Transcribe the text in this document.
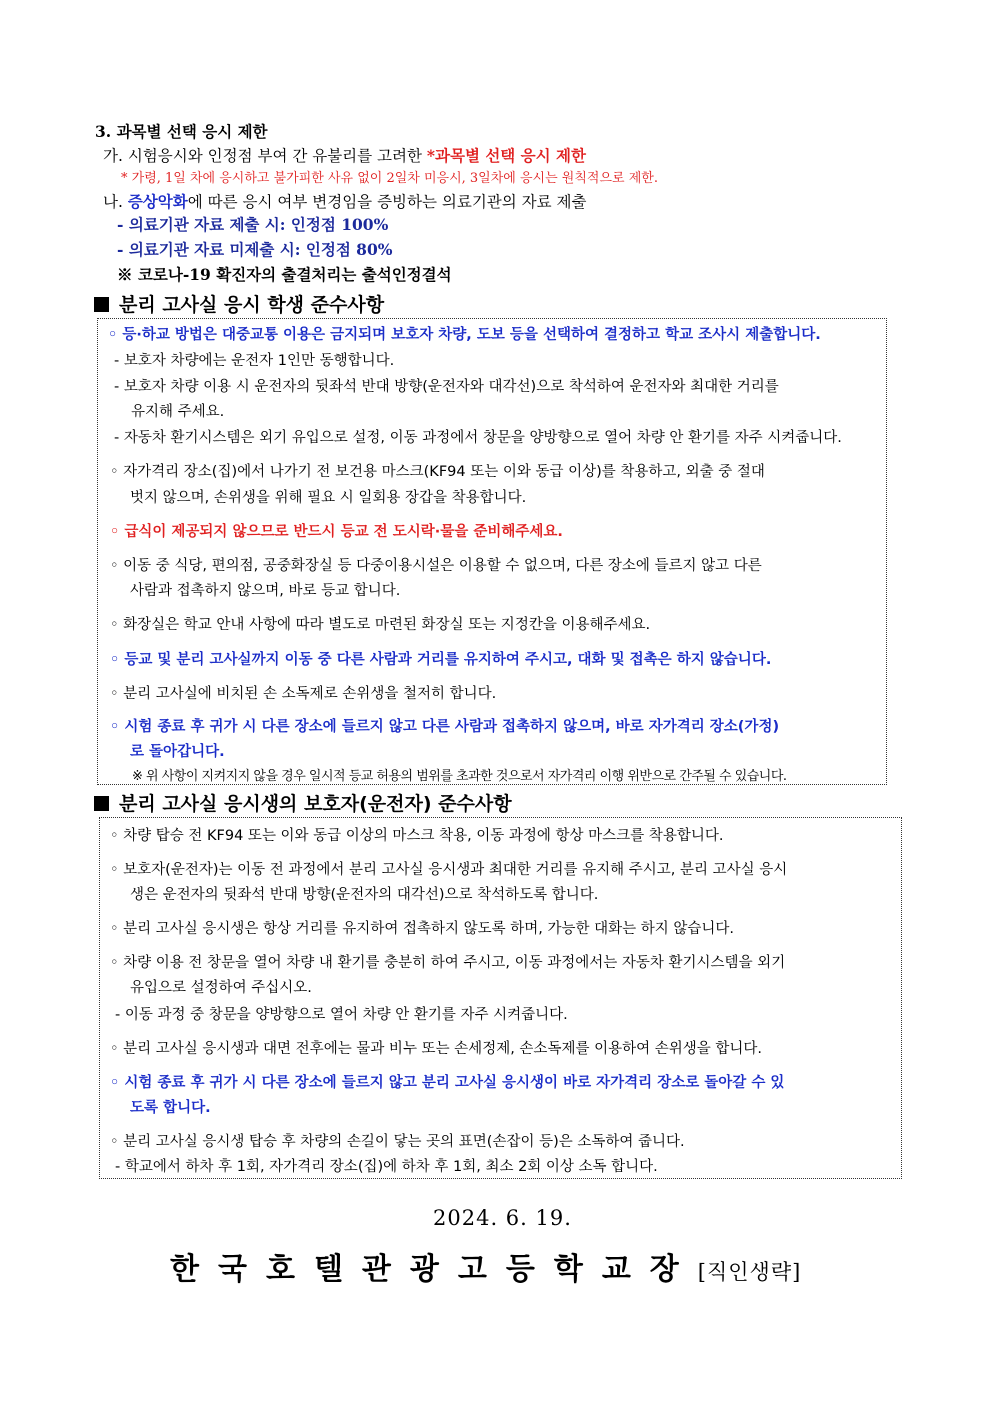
3. 과목별 선택 응시 제한
가. 시험응시와 인정점 부여 간 유불리를 고려한 *과목별 선택 응시 제한
* 가령, 1일 차에 응시하고 불가피한 사유 없이 2일차 미응시, 3일차에 응시는 원칙적으로 제한.
나. 증상악화에 따른 응시 여부 변경임을 증빙하는 의료기관의 자료 제출
- 의료기관 자료 제출 시: 인정점 100%
- 의료기관 자료 미제출 시: 인정점 80%
※ 코로나-19 확진자의 출결처리는 출석인정결석
분리 고사실 응시 학생 준수사항
◦ 등·하교 방법은 대중교통 이용은 금지되며 보호자 차량, 도보 등을 선택하여 결정하고 학교 조사시 제출합니다.
- 보호자 차량에는 운전자 1인만 동행합니다.
- 보호자 차량 이용 시 운전자의 뒷좌석 반대 방향(운전자와 대각선)으로 착석하여 운전자와 최대한 거리를
유지해 주세요.
- 자동차 환기시스템은 외기 유입으로 설정, 이동 과정에서 창문을 양방향으로 열어 차량 안 환기를 자주 시켜줍니다.
◦ 자가격리 장소(집)에서 나가기 전 보건용 마스크(KF94 또는 이와 동급 이상)를 착용하고, 외출 중 절대
벗지 않으며, 손위생을 위해 필요 시 일회용 장갑을 착용합니다.
◦ 급식이 제공되지 않으므로 반드시 등교 전 도시락·물을 준비해주세요.
◦ 이동 중 식당, 편의점, 공중화장실 등 다중이용시설은 이용할 수 없으며, 다른 장소에 들르지 않고 다른
사람과 접촉하지 않으며, 바로 등교 합니다.
◦ 화장실은 학교 안내 사항에 따라 별도로 마련된 화장실 또는 지정칸을 이용해주세요.
◦ 등교 및 분리 고사실까지 이동 중 다른 사람과 거리를 유지하여 주시고, 대화 및 접촉은 하지 않습니다.
◦ 분리 고사실에 비치된 손 소독제로 손위생을 철저히 합니다.
◦ 시험 종료 후 귀가 시 다른 장소에 들르지 않고 다른 사람과 접촉하지 않으며, 바로 자가격리 장소(가정)
로 돌아갑니다.
※ 위 사항이 지켜지지 않을 경우 일시적 등교 허용의 범위를 초과한 것으로서 자가격리 이행 위반으로 간주될 수 있습니다.
분리 고사실 응시생의 보호자(운전자) 준수사항
◦ 차량 탑승 전 KF94 또는 이와 동급 이상의 마스크 착용, 이동 과정에 항상 마스크를 착용합니다.
◦ 보호자(운전자)는 이동 전 과정에서 분리 고사실 응시생과 최대한 거리를 유지해 주시고, 분리 고사실 응시
생은 운전자의 뒷좌석 반대 방향(운전자의 대각선)으로 착석하도록 합니다.
◦ 분리 고사실 응시생은 항상 거리를 유지하여 접촉하지 않도록 하며, 가능한 대화는 하지 않습니다.
◦ 차량 이용 전 창문을 열어 차량 내 환기를 충분히 하여 주시고, 이동 과정에서는 자동차 환기시스템을 외기
유입으로 설정하여 주십시오.
- 이동 과정 중 창문을 양방향으로 열어 차량 안 환기를 자주 시켜줍니다.
◦ 분리 고사실 응시생과 대면 전후에는 물과 비누 또는 손세정제, 손소독제를 이용하여 손위생을 합니다.
◦ 시험 종료 후 귀가 시 다른 장소에 들르지 않고 분리 고사실 응시생이 바로 자가격리 장소로 돌아갈 수 있
도록 합니다.
◦ 분리 고사실 응시생 탑승 후 차량의 손길이 닿는 곳의 표면(손잡이 등)은 소독하여 줍니다.
- 학교에서 하차 후 1회, 자가격리 장소(집)에 하차 후 1회, 최소 2회 이상 소독 합니다.
2024. 6. 19.
한국호텔관광고등학교장[직인생략]
